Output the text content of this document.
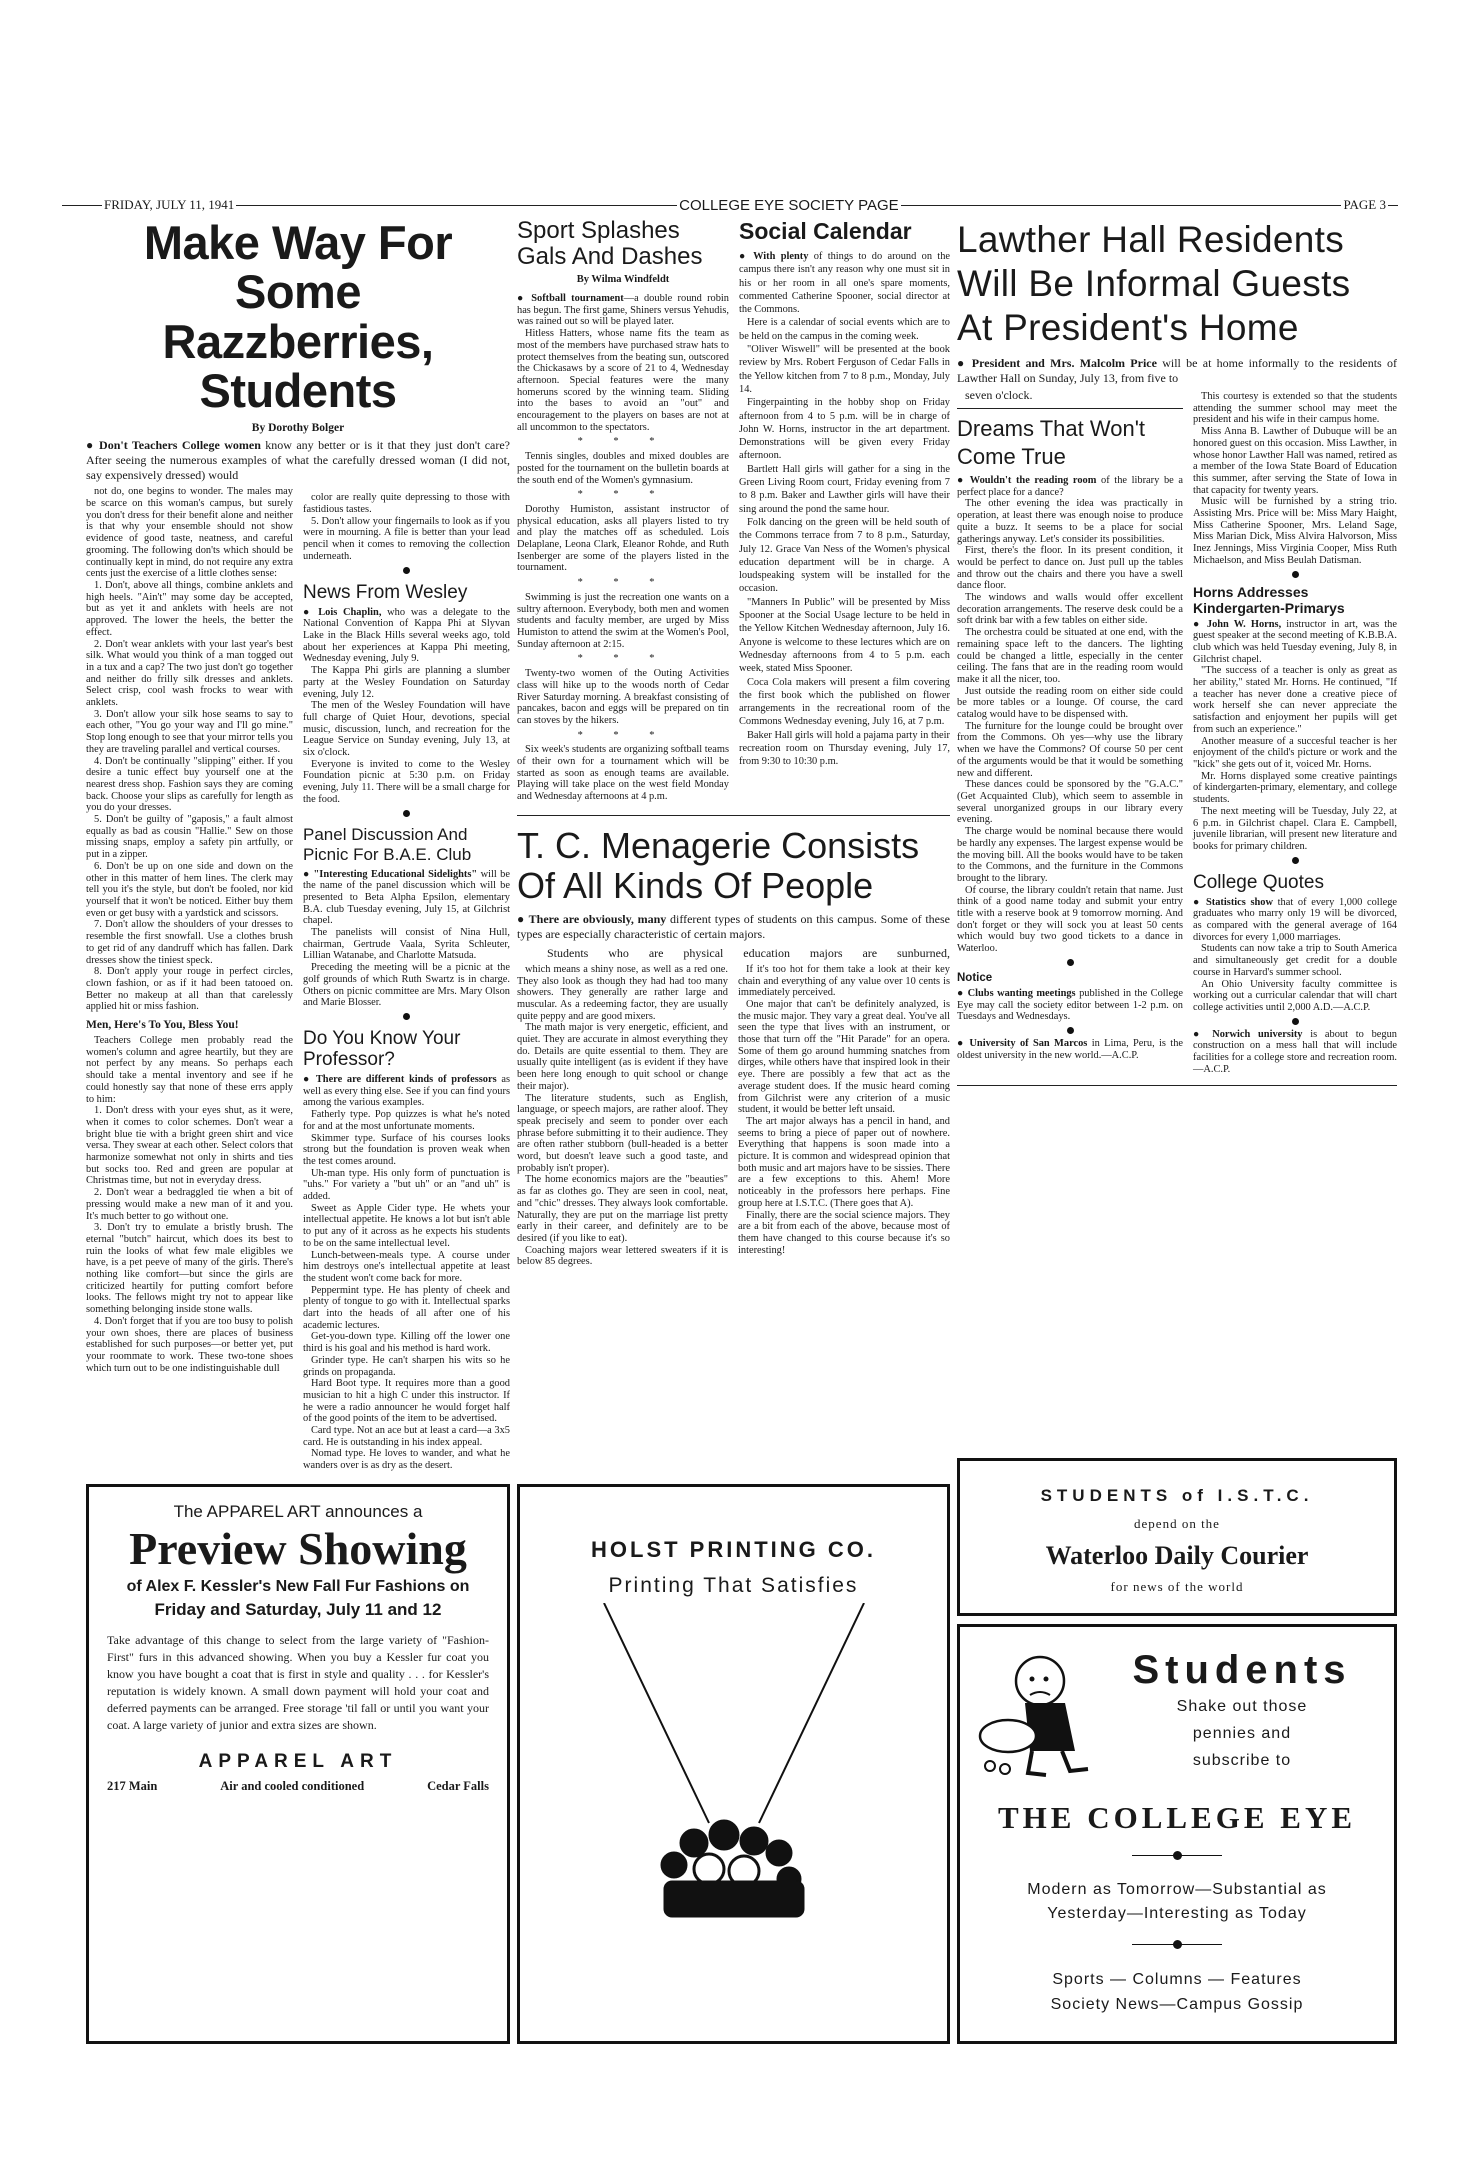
FRIDAY, JULY 11, 1941	COLLEGE EYE SOCIETY PAGE	PAGE 3
Make Way For Some
Razzberries, Students
By Dorothy Bolger
● Don't Teachers College women know any better or is it that they just don't care? After seeing the numerous examples of what the carefully dressed woman (I did not, say expensively dressed) would

not do, one begins to wonder. The males may be scarce on this woman's campus, but surely you don't dress for their benefit alone and neither is that why your ensemble should not show evidence of good taste, neatness, and careful grooming. The following don'ts which should be continually kept in mind, do not require any extra cents just the exercise of a little clothes sense:

1. Don't, above all things, combine anklets and high heels. "Ain't" may some day be accepted, but as yet it and anklets with heels are not approved. The lower the heels, the better the effect.

2. Don't wear anklets with your last year's best silk. What would you think of a man togged out in a tux and a cap? The two just don't go together and neither do frilly silk dresses and anklets. Select crisp, cool wash frocks to wear with anklets.

3. Don't allow your silk hose seams to say to each other, "You go your way and I'll go mine." Stop long enough to see that your mirror tells you they are traveling parallel and vertical courses.

4. Don't be continually "slipping" either. If you desire a tunic effect buy yourself one at the nearest dress shop. Fashion says they are coming back. Choose your slips as carefully for length as you do your dresses.

5. Don't be guilty of "gaposis," a fault almost equally as bad as cousin "Hallie." Sew on those missing snaps, employ a safety pin artfully, or put in a zipper.

6. Don't be up on one side and down on the other in this matter of hem lines. The clerk may tell you it's the style, but don't be fooled, nor kid yourself that it won't be noticed. Either buy them even or get busy with a yardstick and scissors.

7. Don't allow the shoulders of your dresses to resemble the first snowfall. Use a clothes brush to get rid of any dandruff which has fallen. Dark dresses show the tiniest speck.

8. Don't apply your rouge in perfect circles, clown fashion, or as if it had been tatooed on. Better no makeup at all than that carelessly applied hit or miss fashion.

Men, Here's To You, Bless You!

Teachers College men probably read the women's column and agree heartily, but they are not perfect by any means. So perhaps each should take a mental inventory and see if he could honestly say that none of these errs apply to him:

1. Don't dress with your eyes shut, as it were, when it comes to color schemes. Don't wear a bright blue tie with a bright green shirt and vice versa. They swear at each other. Select colors that harmonize somewhat not only in shirts and ties but socks too. Red and green are popular at Christmas time, but not in everyday dress.

2. Don't wear a bedraggled tie when a bit of pressing would make a new man of it and you. It's much better to go without one.

3. Don't try to emulate a bristly brush. The eternal "butch" haircut, which does its best to ruin the looks of what few male eligibles we have, is a pet peeve of many of the girls. There's nothing like comfort—but since the girls are criticized heartily for putting comfort before looks. The fellows might try not to appear like something belonging inside stone walls.

4. Don't forget that if you are too busy to polish your own shoes, there are places of business established for such purposes—or better yet, put your roommate to work. These two-tone shoes which turn out to be one indistinguishable dull

color are really quite depressing to those with fastidious tastes.

5. Don't allow your fingernails to look as if you were in mourning. A file is better than your lead pencil when it comes to removing the collection underneath.

News From Wesley

● Lois Chaplin, who was a delegate to the National Convention of Kappa Phi at Slyvan Lake in the Black Hills several weeks ago, told about her experiences at Kappa Phi meeting, Wednesday evening, July 9.

The Kappa Phi girls are planning a slumber party at the Wesley Foundation on Saturday evening, July 12.

The men of the Wesley Foundation will have full charge of Quiet Hour, devotions, special music, discussion, lunch, and recreation for the League Service on Sunday evening, July 13, at six o'clock.

Everyone is invited to come to the Wesley Foundation picnic at 5:30 p.m. on Friday evening, July 11. There will be a small charge for the food.

Panel Discussion And Picnic For B.A.E. Club

● "Interesting Educational Sidelights" will be the name of the panel discussion which will be presented to Beta Alpha Epsilon, elementary B.A. club Tuesday evening, July 15, at Gilchrist chapel.

The panelists will consist of Nina Hull, chairman, Gertrude Vaala, Syrita Schleuter, Lillian Watanabe, and Charlotte Matsuda.

Preceding the meeting will be a picnic at the golf grounds of which Ruth Swartz is in charge. Others on picnic committee are Mrs. Mary Olson and Marie Blosser.

Do You Know Your Professor?

● There are different kinds of professors as well as every thing else. See if you can find yours among the various examples.

Fatherly type. Pop quizzes is what he's noted for and at the most unfortunate moments.

Skimmer type. Surface of his courses looks strong but the foundation is proven weak when the test comes around.

Uh-man type. His only form of punctuation is "uhs." For variety a "but uh" or an "and uh" is added.

Sweet as Apple Cider type. He whets your intellectual appetite. He knows a lot but isn't able to put any of it across as he expects his students to be on the same intellectual level.

Lunch-between-meals type. A course under him destroys one's intellectual appetite at least the student won't come back for more.

Peppermint type. He has plenty of cheek and plenty of tongue to go with it. Intellectual sparks dart into the heads of all after one of his academic lectures.

Get-you-down type. Killing off the lower one third is his goal and his method is hard work.

Grinder type. He can't sharpen his wits so he grinds on propaganda.

Hard Boot type. It requires more than a good musician to hit a high C under this instructor. If he were a radio announcer he would forget half of the good points of the item to be advertised.

Card type. Not an ace but at least a card—a 3x5 card. He is outstanding in his index appeal.

Nomad type. He loves to wander, and what he wanders over is as dry as the desert.

The APPAREL ART announces a
Preview Showing
of Alex F. Kessler's New Fall Fur Fashions on
Friday and Saturday, July 11 and 12
Take advantage of this change to select from the large variety of "Fashion-First" furs in this advanced showing. When you buy a Kessler fur coat you know you have bought a coat that is first in style and quality . . . for Kessler's reputation is widely known. A small down payment will hold your coat and deferred payments can be arranged. Free storage 'til fall or until you want your coat. A large variety of junior and extra sizes are shown.
APPAREL ART
217 Main	Air and cooled conditioned	Cedar Falls
Sport Splashes
Gals And Dashes
By Wilma Windfeldt

● Softball tournament—a double round robin has begun. The first game, Shiners versus Yehudis, was rained out so will be played later.

Hitless Hatters, whose name fits the team as most of the members have purchased straw hats to protect themselves from the beating sun, outscored the Chickasaws by a score of 21 to 4, Wednesday afternoon. Special features were the many homeruns scored by the winning team. Sliding into the bases to avoid an "out" and encouragement to the players on bases are not at all uncommon to the spectators.

* * *

Tennis singles, doubles and mixed doubles are posted for the tournament on the bulletin boards at the south end of the Women's gymnasium.

* * *

Dorothy Humiston, assistant instructor of physical education, asks all players listed to try and play the matches off as scheduled. Lois Delaplane, Leona Clark, Eleanor Rohde, and Ruth Isenberger are some of the players listed in the tournament.

* * *

Swimming is just the recreation one wants on a sultry afternoon. Everybody, both men and women students and faculty member, are urged by Miss Humiston to attend the swim at the Women's Pool, Sunday afternoon at 2:15.

* * *

Twenty-two women of the Outing Activities class will hike up to the woods north of Cedar River Saturday morning. A breakfast consisting of pancakes, bacon and eggs will be prepared on tin can stoves by the hikers.

* * *

Six week's students are organizing softball teams of their own for a tournament which will be started as soon as enough teams are available. Playing will take place on the west field Monday and Wednesday afternoons at 4 p.m.

Social Calendar

● With plenty of things to do around on the campus there isn't any reason why one must sit in his or her room in all one's spare moments, commented Catherine Spooner, social director at the Commons.

Here is a calendar of social events which are to be held on the campus in the coming week.

"Oliver Wiswell" will be presented at the book review by Mrs. Robert Ferguson of Cedar Falls in the Yellow kitchen from 7 to 8 p.m., Monday, July 14.

Fingerpainting in the hobby shop on Friday afternoon from 4 to 5 p.m. will be in charge of John W. Horns, instructor in the art department. Demonstrations will be given every Friday afternoon.

Bartlett Hall girls will gather for a sing in the Green Living Room court, Friday evening from 7 to 8 p.m. Baker and Lawther girls will have their sing around the pond the same hour.

Folk dancing on the green will be held south of the Commons terrace from 7 to 8 p.m., Saturday, July 12. Grace Van Ness of the Women's physical education department will be in charge. A loudspeaking system will be installed for the occasion.

"Manners In Public" will be presented by Miss Spooner at the Social Usage lecture to be held in the Yellow Kitchen Wednesday afternoon, July 16. Anyone is welcome to these lectures which are on Wednesday afternoons from 4 to 5 p.m. each week, stated Miss Spooner.

Coca Cola makers will present a film covering the first book which the published on flower arrangements in the recreational room of the Commons Wednesday evening, July 16, at 7 p.m.

Baker Hall girls will hold a pajama party in their recreation room on Thursday evening, July 17, from 9:30 to 10:30 p.m.

T. C. Menagerie Consists
Of All Kinds Of People
● There are obviously, many different types of students on this campus. Some of these types are especially characteristic of certain majors.
Students who are physical education majors are sunburned,

which means a shiny nose, as well as a red one. They also look as though they had had too many showers. They generally are rather large and muscular. As a redeeming factor, they are usually quite peppy and are good mixers.

The math major is very energetic, efficient, and quiet. They are accurate in almost everything they do. Details are quite essential to them. They are usually quite intelligent (as is evident if they have been here long enough to quit school or change their major).

The literature students, such as English, language, or speech majors, are rather aloof. They speak precisely and seem to ponder over each phrase before submitting it to their audience. They are often rather stubborn (bull-headed is a better word, but doesn't leave such a good taste, and probably isn't proper).

The home economics majors are the "beauties" as far as clothes go. They are seen in cool, neat, and "chic" dresses. They always look comfortable. Naturally, they are put on the marriage list pretty early in their career, and definitely are to be desired (if you like to eat).

Coaching majors wear lettered sweaters if it is below 85 degrees.

If it's too hot for them take a look at their key chain and everything of any value over 10 cents is immediately perceived.

One major that can't be definitely analyzed, is the music major. They vary a great deal. You've all seen the type that lives with an instrument, or those that turn off the "Hit Parade" for an opera. Some of them go around humming snatches from dirges, while others have that inspired look in their eye. There are possibly a few that act as the average student does. If the music heard coming from Gilchrist were any criterion of a music student, it would be better left unsaid.

The art major always has a pencil in hand, and seems to bring a piece of paper out of nowhere. Everything that happens is soon made into a picture. It is common and widespread opinion that both music and art majors have to be sissies. There are a few exceptions to this. Ahem! More noticeably in the professors here perhaps. Fine group here at I.S.T.C. (There goes that A).

Finally, there are the social science majors. They are a bit from each of the above, because most of them have changed to this course because it's so interesting!

HOLST PRINTING CO.
Printing That Satisfies
Lawther Hall Residents
Will Be Informal Guests
At President's Home
● President and Mrs. Malcolm Price will be at home informally to the residents of Lawther Hall on Sunday, July 13, from five to

seven o'clock.

Dreams That Won't Come True

● Wouldn't the reading room of the library be a perfect place for a dance?

The other evening the idea was practically in operation, at least there was enough noise to produce quite a buzz. It seems to be a place for social gatherings anyway. Let's consider its possibilities.

First, there's the floor. In its present condition, it would be perfect to dance on. Just pull up the tables and throw out the chairs and there you have a swell dance floor.

The windows and walls would offer excellent decoration arrangements. The reserve desk could be a soft drink bar with a few tables on either side.

The orchestra could be situated at one end, with the remaining space left to the dancers. The lighting could be changed a little, especially in the center ceiling. The fans that are in the reading room would make it all the nicer, too.

Just outside the reading room on either side could be more tables or a lounge. Of course, the card catalog would have to be dispensed with.

The furniture for the lounge could be brought over from the Commons. Oh yes—why use the library when we have the Commons? Of course 50 per cent of the arguments would be that it would be something new and different.

These dances could be sponsored by the "G.A.C." (Get Acquainted Club), which seem to assemble in several unorganized groups in our library every evening.

The charge would be nominal because there would be hardly any expenses. The largest expense would be the moving bill. All the books would have to be taken to the Commons, and the furniture in the Commons brought to the library.

Of course, the library couldn't retain that name. Just think of a good name today and submit your entry title with a reserve book at 9 tomorrow morning. And don't forget or they will sock you at least 50 cents which would buy two good tickets to a dance in Waterloo.

Notice

● Clubs wanting meetings published in the College Eye may call the society editor between 1-2 p.m. on Tuesdays and Wednesdays.

● University of San Marcos in Lima, Peru, is the oldest university in the new world.—A.C.P.

This courtesy is extended so that the students attending the summer school may meet the president and his wife in their campus home.

Miss Anna B. Lawther of Dubuque will be an honored guest on this occasion. Miss Lawther, in whose honor Lawther Hall was named, retired as a member of the Iowa State Board of Education this summer, after serving the State of Iowa in that capacity for twenty years.

Music will be furnished by a string trio. Assisting Mrs. Price will be: Miss Mary Haight, Miss Catherine Spooner, Mrs. Leland Sage, Miss Marian Dick, Miss Alvira Halvorson, Miss Inez Jennings, Miss Virginia Cooper, Miss Ruth Michaelson, and Miss Beulah Datisman.

Horns Addresses Kindergarten-Primarys

● John W. Horns, instructor in art, was the guest speaker at the second meeting of K.B.B.A. club which was held Tuesday evening, July 8, in Gilchrist chapel.

"The success of a teacher is only as great as her ability," stated Mr. Horns. He continued, "If a teacher has never done a creative piece of work herself she can never appreciate the satisfaction and enjoyment her pupils will get from such an experience."

Another measure of a succesful teacher is her enjoyment of the child's picture or work and the "kick" she gets out of it, voiced Mr. Horns.

Mr. Horns displayed some creative paintings of kindergarten-primary, elementary, and college students.

The next meeting will be Tuesday, July 22, at 6 p.m. in Gilchrist chapel. Clara E. Campbell, juvenile librarian, will present new literature and books for primary children.

College Quotes

● Statistics show that of every 1,000 college graduates who marry only 19 will be divorced, as compared with the general average of 164 divorces for every 1,000 marriages.

Students can now take a trip to South America and simultaneously get credit for a double course in Harvard's summer school.

An Ohio University faculty committee is working out a curricular calendar that will chart college activities until 2,000 A.D.—A.C.P.

● Norwich university is about to begun construction on a mess hall that will include facilities for a college store and recreation room.—A.C.P.

STUDENTS of I.S.T.C.
depend on the
Waterloo Daily Courier
for news of the world
Students
Shake out those
pennies and
subscribe to
THE COLLEGE EYE
Modern as Tomorrow—Substantial as
Yesterday—Interesting as Today
Sports — Columns — Features
Society News—Campus Gossip
